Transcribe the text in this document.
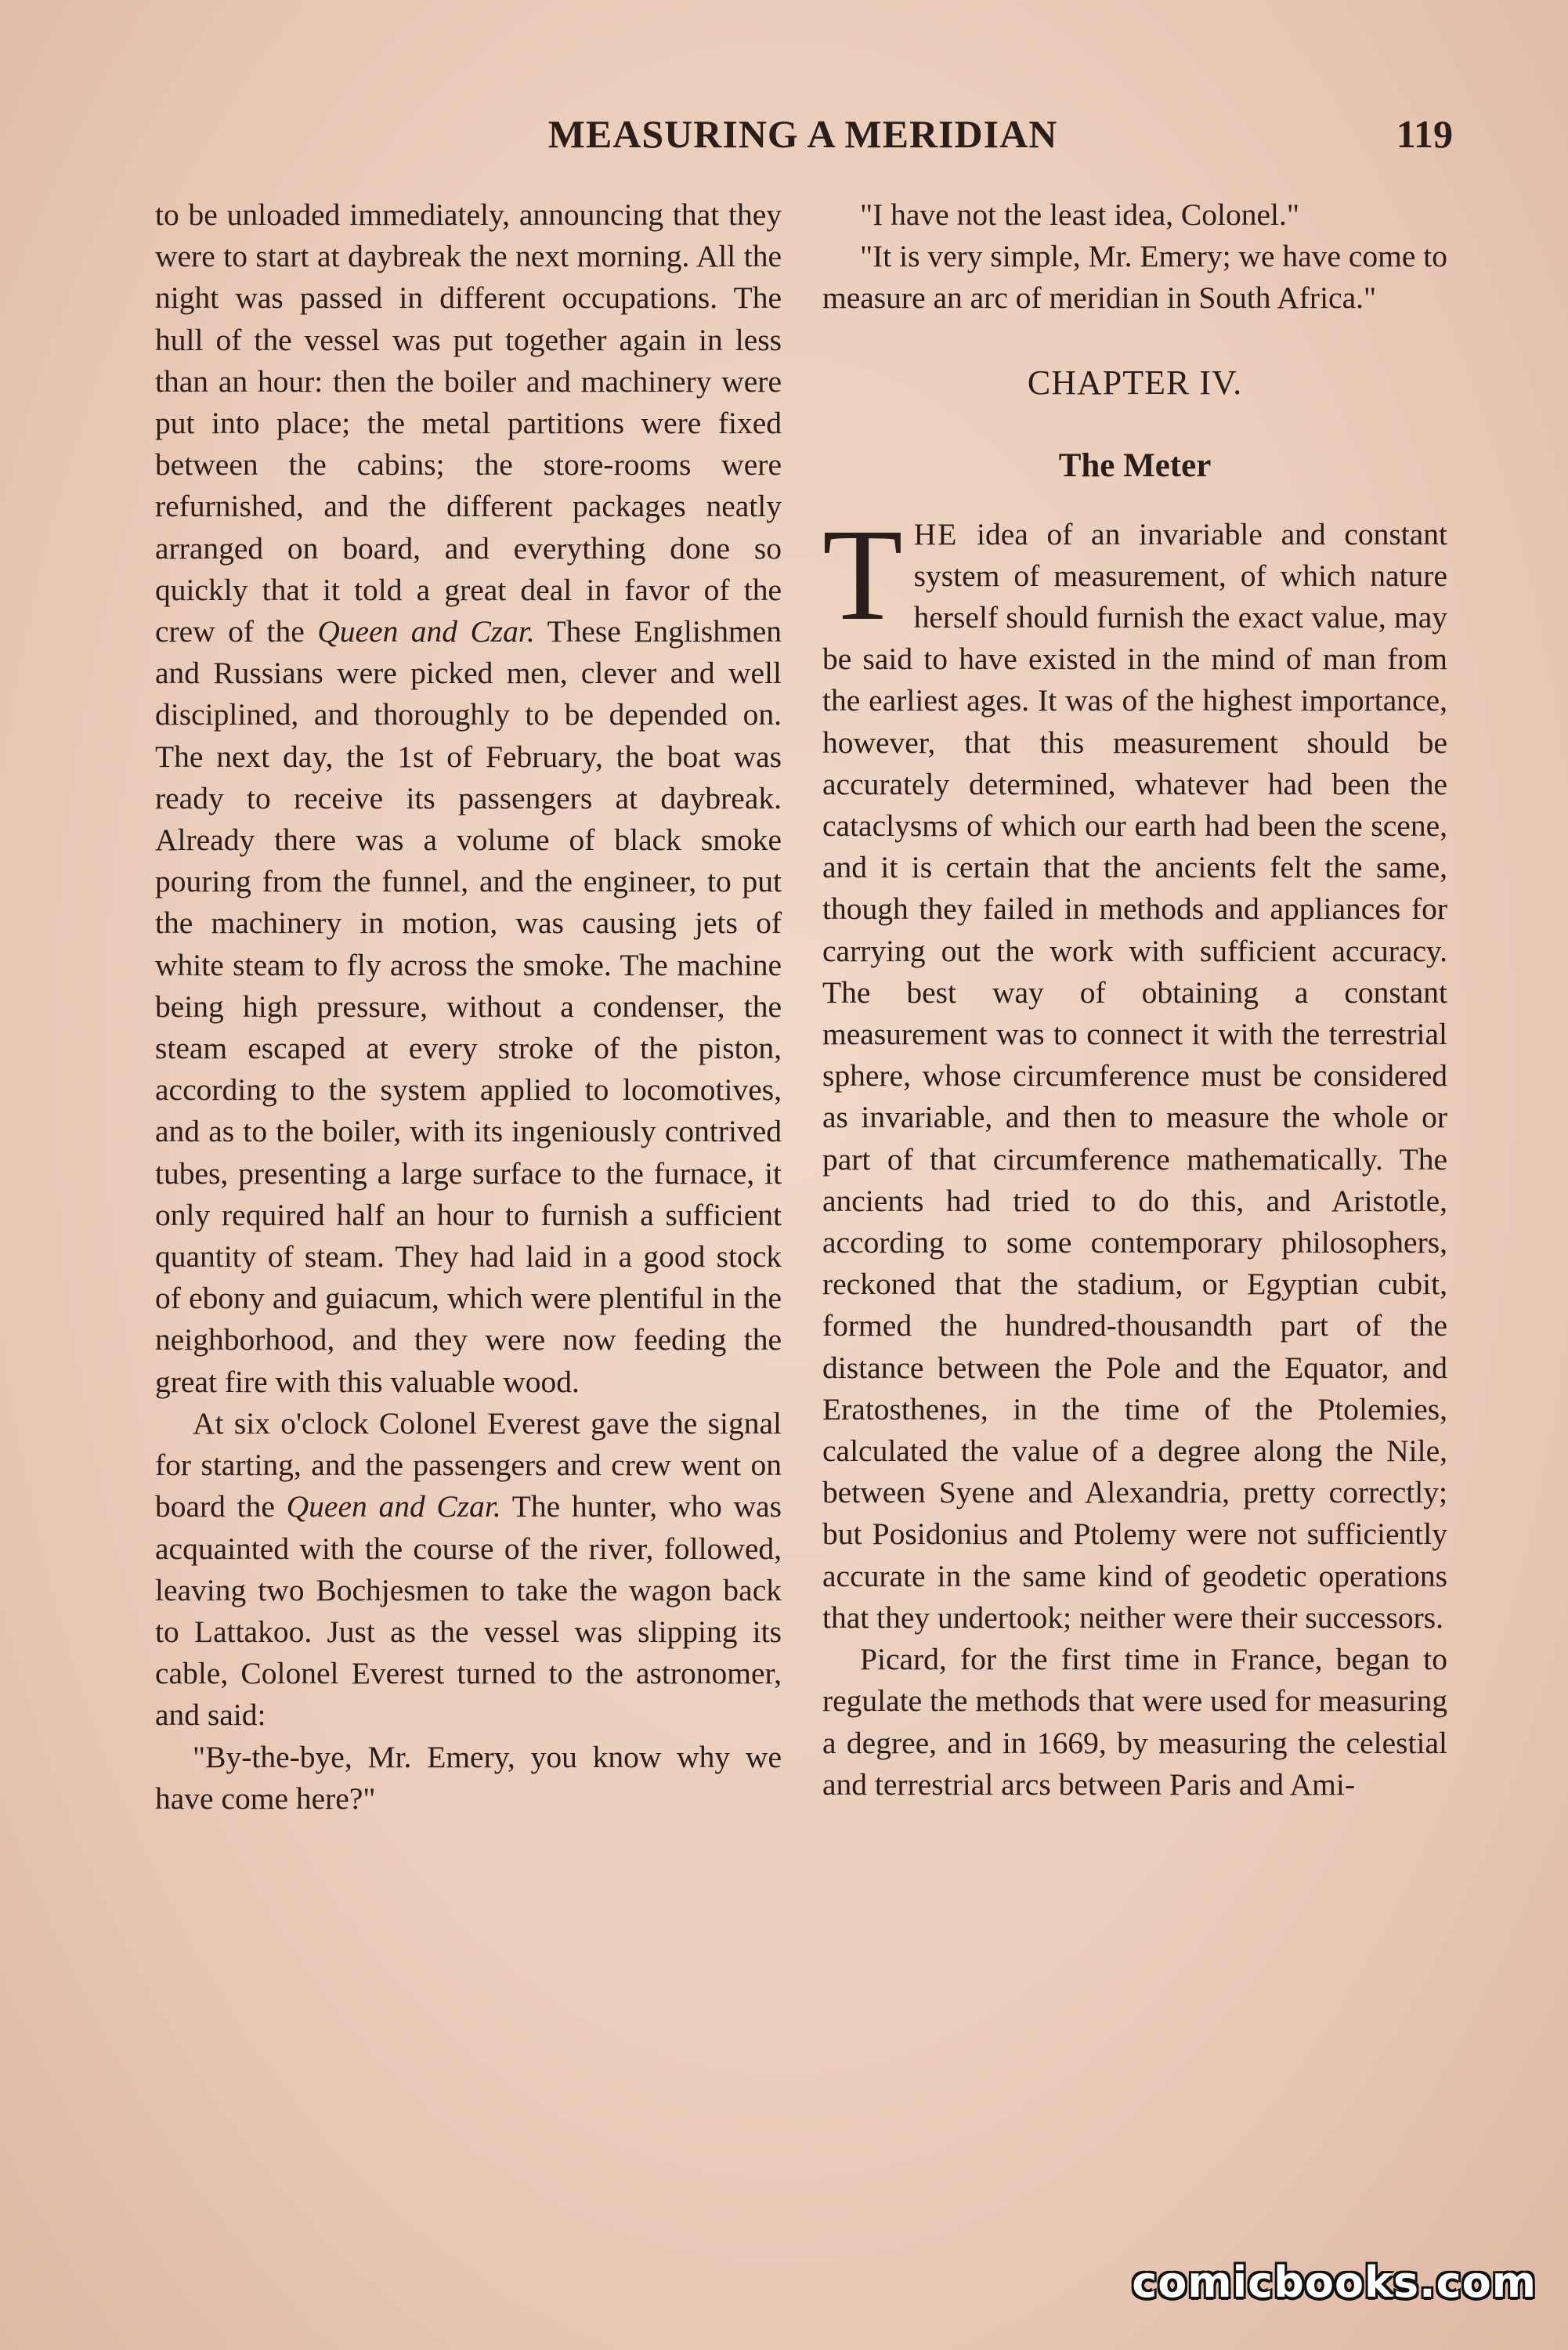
MEASURING A MERIDIAN	119

to be unloaded immediately, announcing that they were to start at daybreak the next morning. All the night was passed in different occupations. The hull of the vessel was put together again in less than an hour: then the boiler and machinery were put into place; the metal partitions were fixed between the cabins; the store-rooms were refurnished, and the different packages neatly arranged on board, and everything done so quickly that it told a great deal in favor of the crew of the Queen and Czar. These Englishmen and Russians were picked men, clever and well disciplined, and thoroughly to be depended on. The next day, the 1st of February, the boat was ready to receive its passengers at daybreak. Already there was a volume of black smoke pouring from the funnel, and the engineer, to put the machinery in motion, was causing jets of white steam to fly across the smoke. The machine being high pressure, without a condenser, the steam escaped at every stroke of the piston, according to the system applied to locomotives, and as to the boiler, with its ingeniously contrived tubes, presenting a large surface to the furnace, it only required half an hour to furnish a sufficient quantity of steam. They had laid in a good stock of ebony and guiacum, which were plentiful in the neighborhood, and they were now feeding the great fire with this valuable wood.

At six o'clock Colonel Everest gave the signal for starting, and the passengers and crew went on board the Queen and Czar. The hunter, who was acquainted with the course of the river, followed, leaving two Bochjesmen to take the wagon back to Lattakoo. Just as the vessel was slipping its cable, Colonel Everest turned to the astronomer, and said:

"By-the-bye, Mr. Emery, you know why we have come here?"

"I have not the least idea, Colonel."

"It is very simple, Mr. Emery; we have come to measure an arc of meridian in South Africa."

CHAPTER IV.
The Meter

THE idea of an invariable and constant system of measurement, of which nature herself should furnish the exact value, may be said to have existed in the mind of man from the earliest ages. It was of the highest importance, however, that this measurement should be accurately determined, whatever had been the cataclysms of which our earth had been the scene, and it is certain that the ancients felt the same, though they failed in methods and appliances for carrying out the work with sufficient accuracy. The best way of obtaining a constant measurement was to connect it with the terrestrial sphere, whose circumference must be considered as invariable, and then to measure the whole or part of that circumference mathematically. The ancients had tried to do this, and Aristotle, according to some contemporary philosophers, reckoned that the stadium, or Egyptian cubit, formed the hundred-thousandth part of the distance between the Pole and the Equator, and Eratosthenes, in the time of the Ptolemies, calculated the value of a degree along the Nile, between Syene and Alexandria, pretty correctly; but Posidonius and Ptolemy were not sufficiently accurate in the same kind of geodetic operations that they undertook; neither were their successors.

Picard, for the first time in France, began to regulate the methods that were used for measuring a degree, and in 1669, by measuring the celestial and terrestrial arcs between Paris and Ami-

comicbooks.com
